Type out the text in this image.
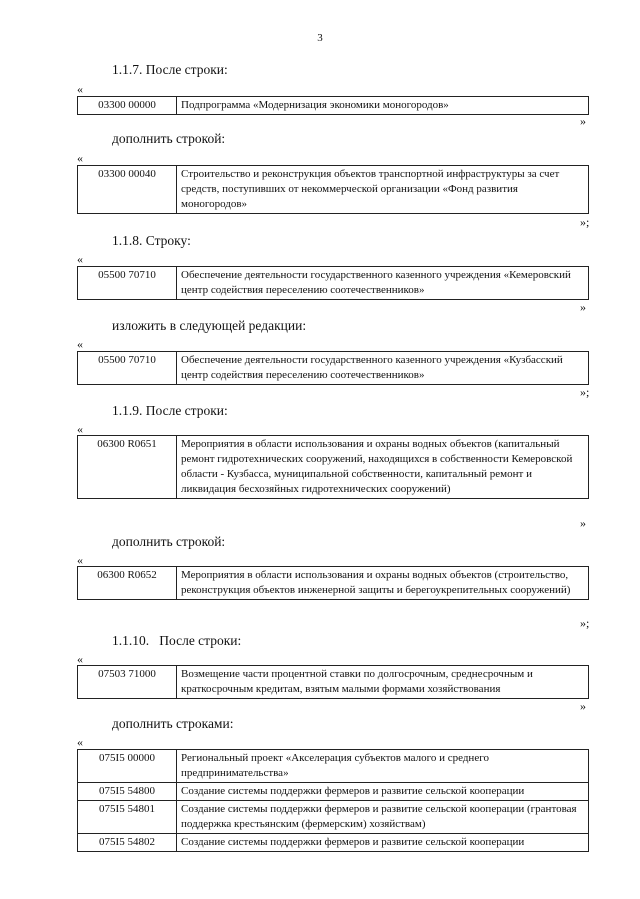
3
1.1.7. После строки:
«
03300 00000	Подпрограмма «Модернизация экономики моногородов»
»
дополнить строкой:
«
03300 00040	Строительство и реконструкция объектов транспортной инфраструктуры за счет средств, поступивших от некоммерческой организации «Фонд развития моногородов»
»;
1.1.8. Строку:
«
05500 70710	Обеспечение деятельности государственного казенного учреждения «Кемеровский центр содействия переселению соотечественников»
»
изложить в следующей редакции:
«
05500 70710	Обеспечение деятельности государственного казенного учреждения «Кузбасский центр содействия переселению соотечественников»
»;
1.1.9. После строки:
«
06300 R0651	Мероприятия в области использования и охраны водных объектов (капитальный ремонт гидротехнических сооружений, находящихся в собственности Кемеровской области - Кузбасса, муниципальной собственности, капитальный ремонт и ликвидация бесхозяйных гидротехнических сооружений)
»
дополнить строкой:
«
06300 R0652	Мероприятия в области использования и охраны водных объектов (строительство, реконструкция объектов инженерной защиты и берегоукрепительных сооружений)
»;
1.1.10.   После строки:
«
07503 71000	Возмещение части процентной ставки по долгосрочным, среднесрочным и краткосрочным кредитам, взятым малыми формами хозяйствования
»
дополнить строками:
«
075I5 00000	Региональный проект «Акселерация субъектов малого и среднего предпринимательства»
075I5 54800	Создание системы поддержки фермеров и развитие сельской кооперации
075I5 54801	Создание системы поддержки фермеров и развитие сельской кооперации (грантовая поддержка крестьянским (фермерским) хозяйствам)
075I5 54802	Создание системы поддержки фермеров и развитие сельской кооперации
